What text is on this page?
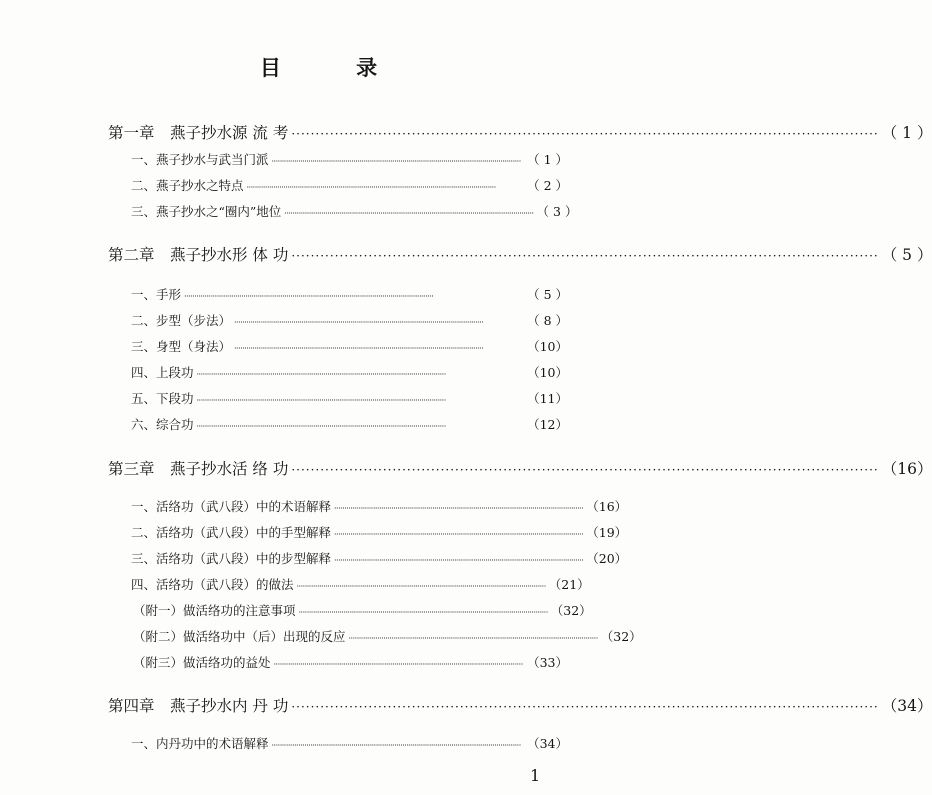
目 录
第一章　燕子抄水源 流 考 ·························································································································· （ 1 ）
一、燕子抄水与武当门派 ·························································································································· （ 1 ）
二、燕子抄水之特点 ··························································································································	（ 2 ）
三、燕子抄水之“圈内”地位 ·························································································································· （ 3 ）
第二章　燕子抄水形 体 功 ·························································································································· （ 5 ）
一、手形 ··························································································································	（ 5 ）
二、步型（步法） ··························································································································	（ 8 ）
三、身型（身法） ··························································································································	（10）
四、上段功 ··························································································································	（10）
五、下段功 ··························································································································	（11）
六、综合功 ··························································································································	（12）
第三章　燕子抄水活 络 功 ·························································································································· （16）
一、活络功（武八段）中的术语解释 ·························································································································· （16）
二、活络功（武八段）中的手型解释 ·························································································································· （19）
三、活络功（武八段）中的步型解释 ·························································································································· （20）
四、活络功（武八段）的做法 ·························································································································· （21）
（附一）做活络功的注意事项 ·························································································································· （32）
（附二）做活络功中（后）出现的反应 ·························································································································· （32）
（附三）做活络功的益处 ·························································································································· （33）
第四章　燕子抄水内 丹 功 ·························································································································· （34）
一、内丹功中的术语解释 ·························································································································· （34）
1
